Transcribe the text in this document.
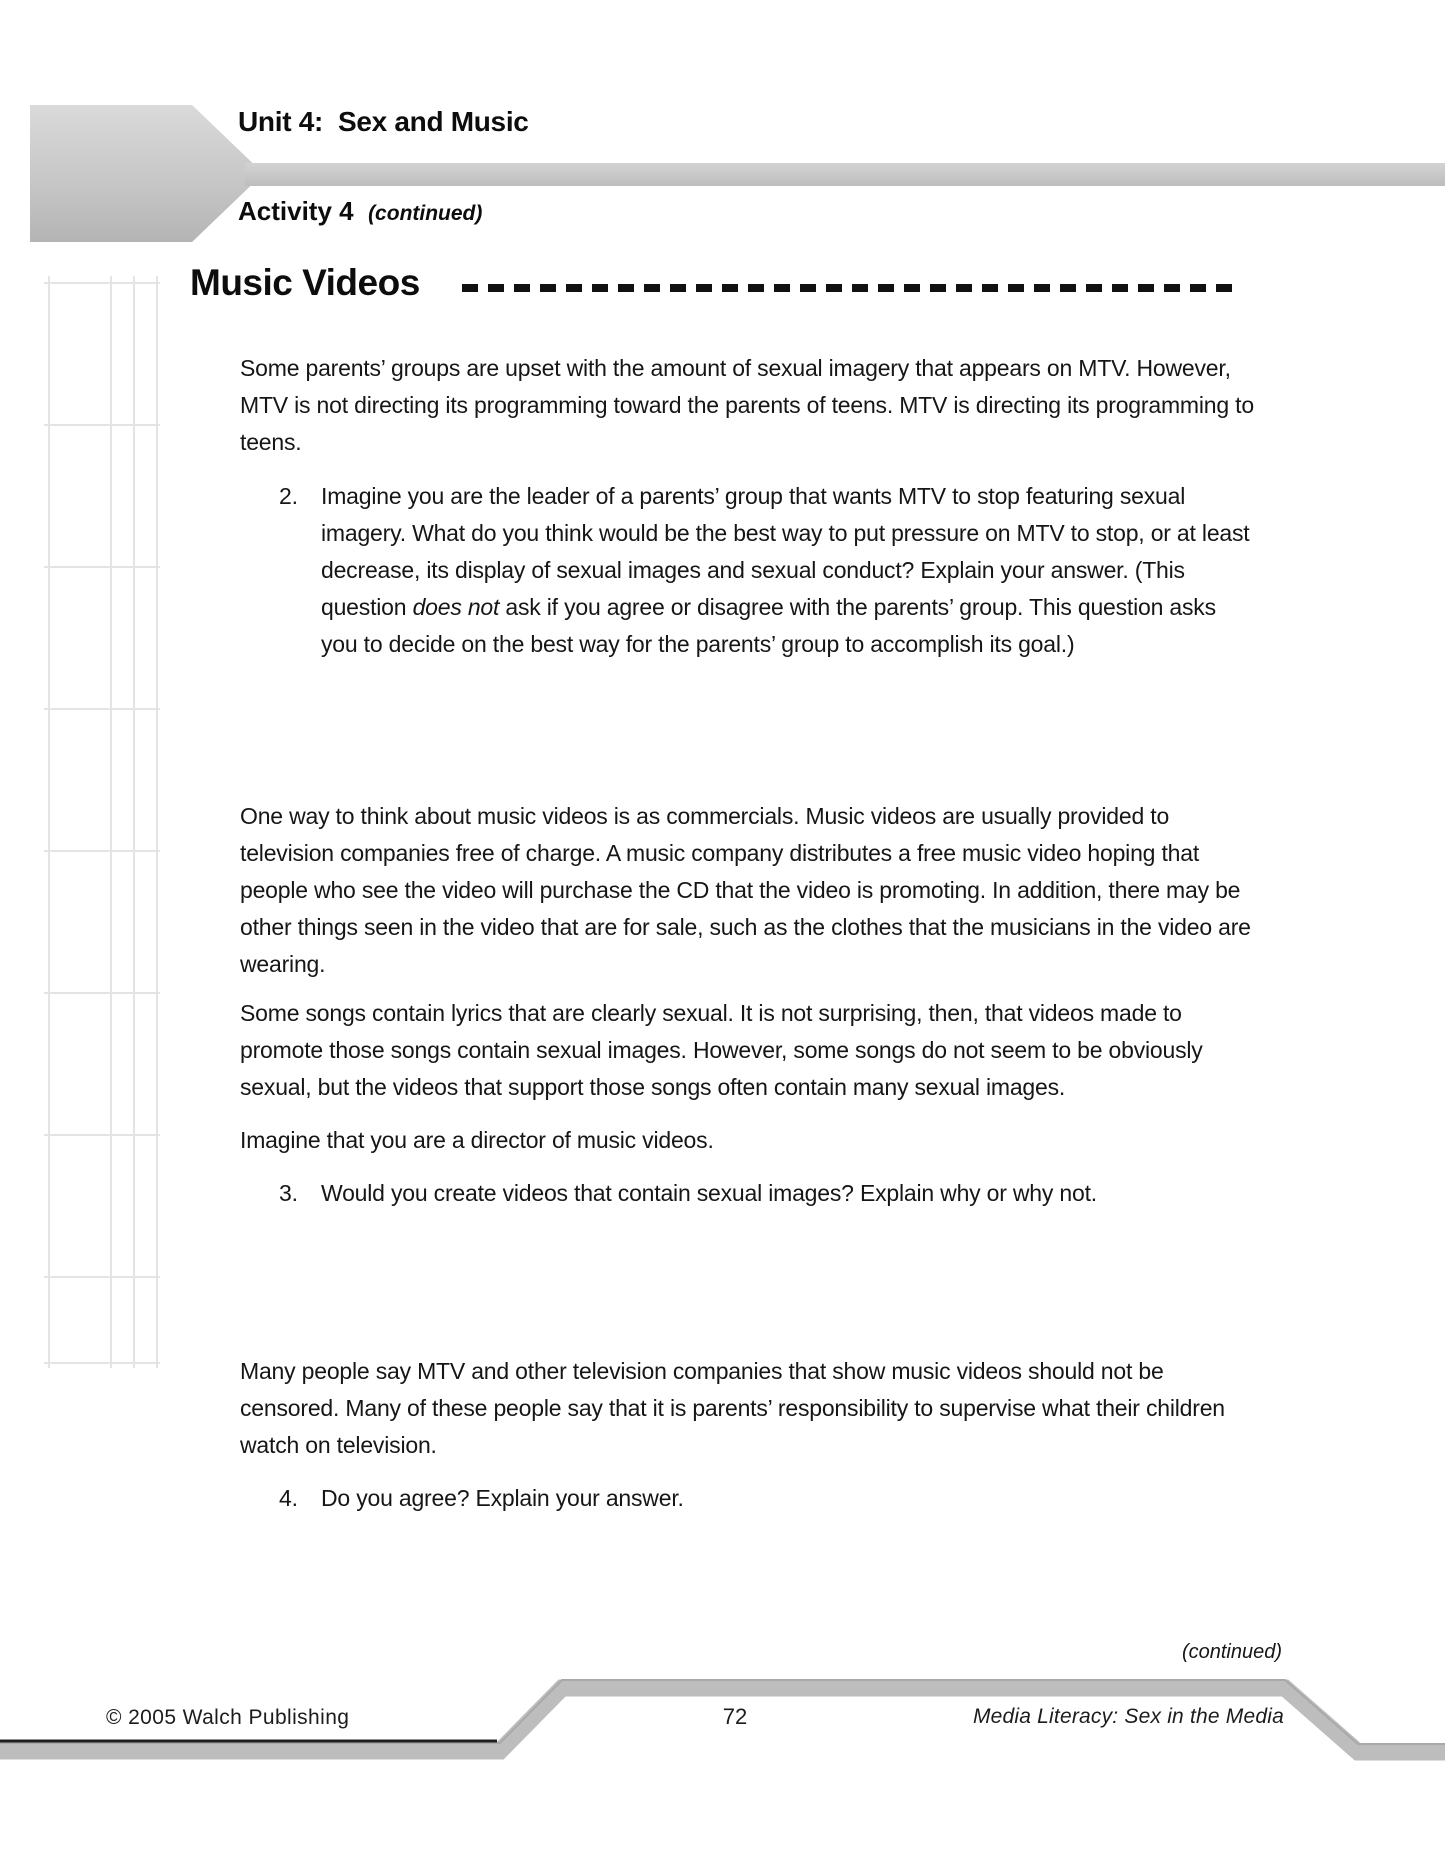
Unit 4:  Sex and Music
Activity 4 (continued)
Music Videos
Some parents’ groups are upset with the amount of sexual imagery that appears on MTV. However, MTV is not directing its programming toward the parents of teens. MTV is directing its programming to teens.
2.	Imagine you are the leader of a parents’ group that wants MTV to stop featuring sexual imagery. What do you think would be the best way to put pressure on MTV to stop, or at least decrease, its display of sexual images and sexual conduct? Explain your answer. (This question does not ask if you agree or disagree with the parents’ group. This question asks you to decide on the best way for the parents’ group to accomplish its goal.)
One way to think about music videos is as commercials. Music videos are usually provided to television companies free of charge. A music company distributes a free music video hoping that people who see the video will purchase the CD that the video is promoting. In addition, there may be other things seen in the video that are for sale, such as the clothes that the musicians in the video are wearing.
Some songs contain lyrics that are clearly sexual. It is not surprising, then, that videos made to promote those songs contain sexual images. However, some songs do not seem to be obviously sexual, but the videos that support those songs often contain many sexual images.
Imagine that you are a director of music videos.
3.	Would you create videos that contain sexual images? Explain why or why not.
Many people say MTV and other television companies that show music videos should not be censored. Many of these people say that it is parents’ responsibility to supervise what their children watch on television.
4.	Do you agree? Explain your answer.
(continued)
© 2005 Walch Publishing	72	Media Literacy: Sex in the Media
